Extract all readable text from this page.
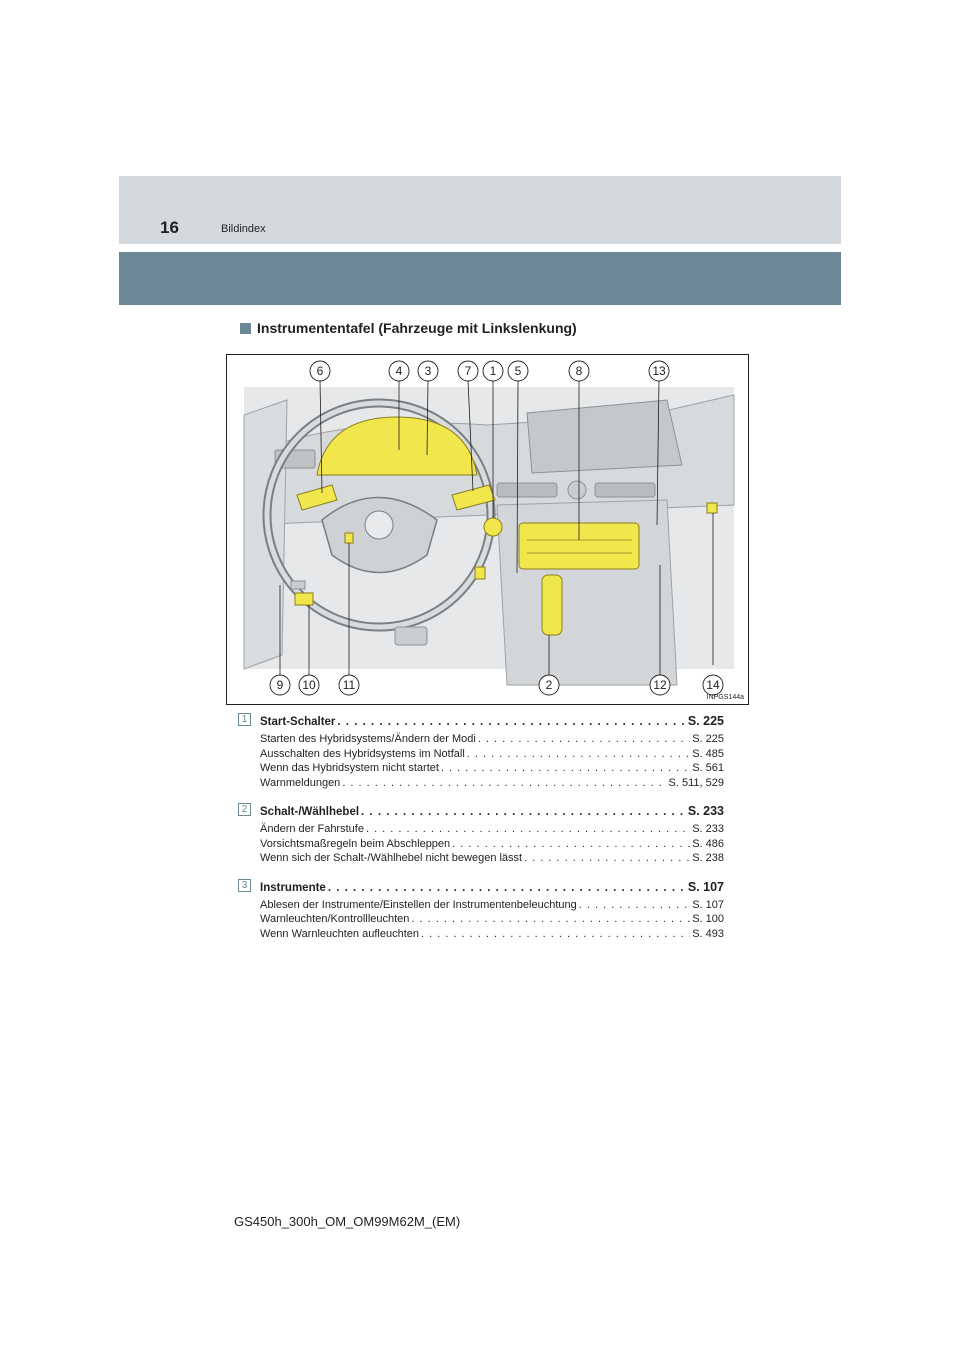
16	Bildindex
Instrumententafel (Fahrzeuge mit Linkslenkung)
6	4 3	7 1 5	8	13
9 10 11	2	12	14
INPGS144a
1	Start-Schalter . . .	S. 225
Starten des Hybridsystems/Ändern der Modi . . .	S. 225
Ausschalten des Hybridsystems im Notfall . . .	S. 485
Wenn das Hybridsystem nicht startet . . .	S. 561
Warnmeldungen . . .	S. 511, 529
2	Schalt-/Wählhebel . . .	S. 233
Ändern der Fahrstufe . . .	S. 233
Vorsichtsmaßregeln beim Abschleppen . . .	S. 486
Wenn sich der Schalt-/Wählhebel nicht bewegen lässt . . .	S. 238
3	Instrumente . . .	S. 107
Ablesen der Instrumente/Einstellen der Instrumentenbeleuchtung . . .	S. 107
Warnleuchten/Kontrollleuchten . . .	S. 100
Wenn Warnleuchten aufleuchten . . .	S. 493
GS450h_300h_OM_OM99M62M_(EM)
